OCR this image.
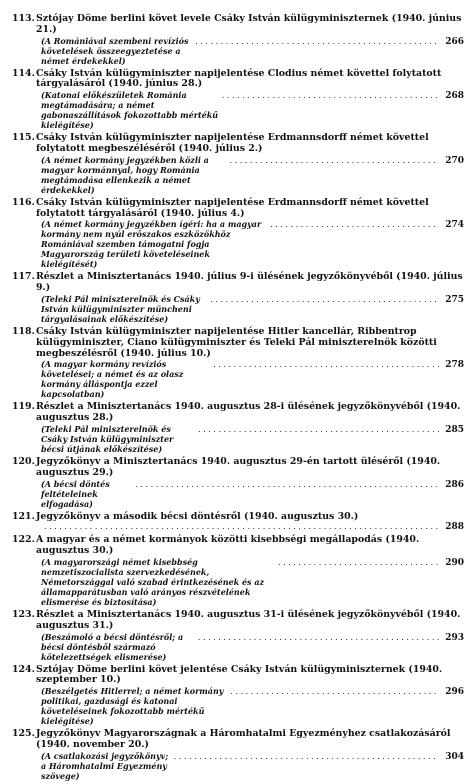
113. Sztójay Döme berlini követ levele Csáky István külügyminiszternek (1940. június 21.)
(A Romániával szembeni revíziós követelések összeegyeztetése a német érdekekkel)
. . .
266
114. Csáky István külügyminiszter napijelentése Clodius német követtel folytatott tárgyalásáról (1940. június 28.)
(Katonai előkészületek Románia megtámadására; a német gabonaszállítások fokozottabb mértékű kielégítése)
. . .
268
115. Csáky István külügyminiszter napijelentése Erdmannsdorff német követtel folytatott megbeszéléséről (1940. július 2.)
(A német kormány jegyzékben közli a magyar kormánnyal, hogy Románia megtámadása ellenkezik a német érdekekkel)
. . .
270
116. Csáky István külügyminiszter napijelentése Erdmannsdorff német követtel folytatott tárgyalásáról (1940. július 4.)
(A német kormány jegyzékben ígéri: ha a magyar kormány nem nyúl erőszakos eszközökhöz Romániával szemben támogatni fogja Magyarország területi követeléseinek kielégítését)
. . .
274
117. Részlet a Minisztertanács 1940. július 9-i ülésének jegyzőkönyvéből (1940. július 9.)
(Teleki Pál miniszterelnök és Csáky István külügyminiszter müncheni tárgyalásainak előkészítése)
. . .
275
118. Csáky István külügyminiszter napijelentése Hitler kancellár, Ribbentrop külügyminiszter, Ciano külügyminiszter és Teleki Pál miniszterelnök közötti megbeszélésről (1940. július 10.)
(A magyar kormány revíziós követelései; a német és az olasz kormány álláspontja ezzel kapcsolatban)
. . .
278
119. Részlet a Minisztertanács 1940. augusztus 28-i ülésének jegyzőkönyvéből (1940. augusztus 28.)
(Teleki Pál miniszterelnök és Csáky István külügyminiszter bécsi útjának előkészítése)
. . .
285
120. Jegyzőkönyv a Minisztertanács 1940. augusztus 29-én tartott üléséről (1940. augusztus 29.)
(A bécsi döntés feltételeinek elfogadása)
. . .
286
121. Jegyzőkönyv a második bécsi döntésről (1940. augusztus 30.)
. . .
288
122. A magyar és a német kormányok közötti kisebbségi megállapodás (1940. augusztus 30.)
(A magyarországi német kisebbség nemzetiszocialista szervezkedésének, Németországgal való szabad érintkezésének és az államapparátusban való arányos részvételének elismerése és biztosítása)
. . .
290
123. Részlet a Minisztertanács 1940. augusztus 31-i ülésének jegyzőkönyvéből (1940. augusztus 31.)
(Beszámoló a bécsi döntésről; a bécsi döntésből származó kötelezettségek elismerése)
. . .
293
124. Sztójay Döme berlini követ jelentése Csáky István külügyminiszternek (1940. szeptember 10.)
(Beszélgetés Hitlerrel; a német kormány politikai, gazdasági és katonai követeléseinek fokozottabb mértékű kielégítése)
. . .
296
125. Jegyzőkönyv Magyarországnak a Háromhatalmi Egyezményhez csatlakozásáról (1940. november 20.)
(A csatlakozási jegyzőkönyv; a Háromhatalmi Egyezmény szövege)
. . .
304
